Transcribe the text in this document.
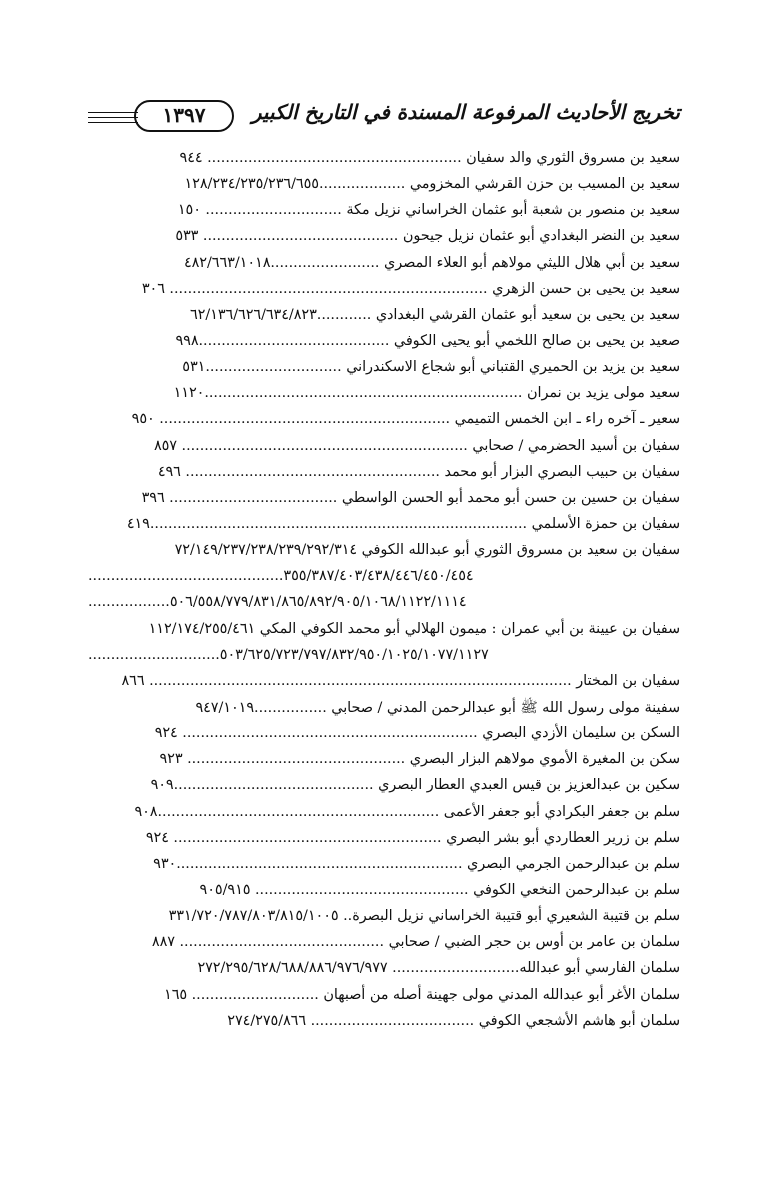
١٣٩٧	تخريج الأحاديث المرفوعة المسندة في التاريخ الكبير
سعيد بن مسروق الثوري والد سفيان ........................................................ ٩٤٤
سعيد بن المسيب بن حزن القرشي المخزومي ...................١٢٨/٢٣٤/٢٣٥/٢٣٦/٦٥٥
سعيد بن منصور بن شعبة أبو عثمان الخراساني نزيل مكة .............................. ١٥٠
سعيد بن النضر البغدادي أبو عثمان نزيل جيحون ........................................... ٥٣٣
سعيد بن أبي هلال الليثي مولاهم أبو العلاء المصري ........................٤٨٢/٦٦٣/١٠١٨
سعيد بن يحيى بن حسن الزهري ...................................................................... ٣٠٦
سعيد بن يحيى بن سعيد أبو عثمان القرشي البغدادي ............٦٢/١٣٦/٦٢٦/٦٣٤/٨٢٣
صعيد بن يحيى بن صالح اللخمي أبو يحيى الكوفي ..........................................٩٩٨
سعيد بن يزيد بن الحميري القتباني أبو شجاع الاسكندراني ..............................٥٣١
سعيد مولى يزيد بن نمران ......................................................................١١٢٠
سعير ـ آخره راء ـ ابن الخمس التميمي ................................................................ ٩٥٠
سفيان بن أسيد الحضرمي / صحابي ............................................................... ٨٥٧
سفيان بن حبيب البصري البزار أبو محمد ........................................................ ٤٩٦
سفيان بن حسين بن حسن أبو محمد أبو الحسن الواسطي ..................................... ٣٩٦
سفيان بن حمزة الأسلمي ...................................................................................٤١٩
سفيان بن سعيد بن مسروق الثوري أبو عبدالله الكوفي ٧٢/١٤٩/٢٣٧/٢٣٨/٢٣٩/٢٩٢/٣١٤
...........................................٣٥٥/٣٨٧/٤٠٣/٤٣٨/٤٤٦/٤٥٠/٤٥٤
..................٥٠٦/٥٥٨/٧٧٩/٨٣١/٨٦٥/٨٩٢/٩٠٥/١٠٦٨/١١٢٢/١١١٤
سفيان بن عيينة بن أبي عمران : ميمون الهلالي أبو محمد الكوفي المكي ١١٢/١٧٤/٢٥٥/٤٦١
.............................٥٠٣/٦٢٥/٧٢٣/٧٩٧/٨٣٢/٩٥٠/١٠٢٥/١٠٧٧/١١٢٧
سفيان بن المختار ............................................................................................. ٨٦٦
سفينة مولى رسول الله ﷺ أبو عبدالرحمن المدني / صحابي ................٩٤٧/١٠١٩
السكن بن سليمان الأزدي البصري ................................................................. ٩٢٤
سكن بن المغيرة الأموي مولاهم البزار البصري ................................................ ٩٢٣
سكين بن عبدالعزيز بن قيس العبدي العطار البصري ............................................٩٠٩
سلم بن جعفر البكرادي أبو جعفر الأعمى ..............................................................٩٠٨
سلم بن زرير العطاردي أبو بشر البصري ........................................................... ٩٢٤
سلم بن عبدالرحمن الجرمي البصري ...............................................................٩٣٠
سلم بن عبدالرحمن النخعي الكوفي ............................................... ٩٠٥/٩١٥
سلم بن قتيبة الشعيري أبو قتيبة الخراساني نزيل البصرة.. ٣٣١/٧٢٠/٧٨٧/٨٠٣/٨١٥/١٠٠٥
سلمان بن عامر بن أوس بن حجر الضبي / صحابي ............................................. ٨٨٧
سلمان الفارسي أبو عبدالله............................ ٢٧٢/٢٩٥/٦٢٨/٦٨٨/٨٨٦/٩٧٦/٩٧٧
سلمان الأغر أبو عبدالله المدني مولى جهينة أصله من أصبهان ............................ ١٦٥
سلمان أبو هاشم الأشجعي الكوفي .................................... ٢٧٤/٢٧٥/٨٦٦
